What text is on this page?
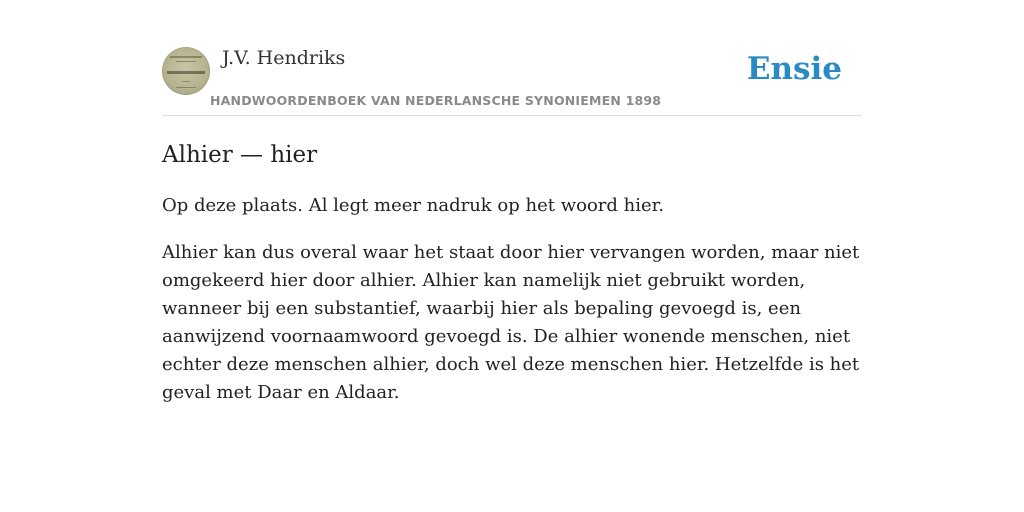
J.V. Hendriks
HANDWOORDENBOEK VAN NEDERLANSCHE SYNONIEMEN 1898
Ensie
Alhier — hier

Op deze plaats. Al legt meer nadruk op het woord hier.

Alhier kan dus overal waar het staat door hier vervangen worden, maar niet omgekeerd hier door alhier. Alhier kan namelijk niet gebruikt worden, wanneer bij een substantief, waarbij hier als bepaling gevoegd is, een aanwijzend voornaamwoord gevoegd is. De alhier wonende menschen, niet echter deze menschen alhier, doch wel deze menschen hier. Hetzelfde is het geval met Daar en Aldaar.
